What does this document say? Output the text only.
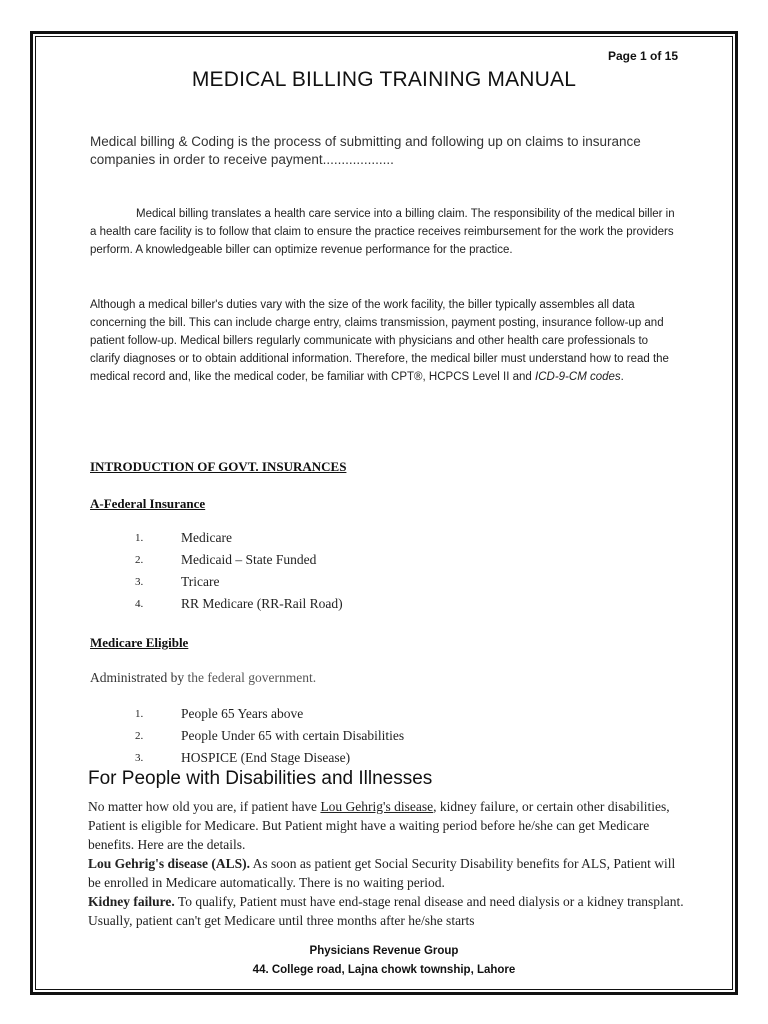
Page 1 of 15
MEDICAL BILLING TRAINING MANUAL
Medical billing & Coding is the process of submitting and following up on claims to insurance companies in order to receive payment...................
Medical billing translates a health care service into a billing claim. The responsibility of the medical biller in a health care facility is to follow that claim to ensure the practice receives reimbursement for the work the providers perform. A knowledgeable biller can optimize revenue performance for the practice.
Although a medical biller's duties vary with the size of the work facility, the biller typically assembles all data concerning the bill. This can include charge entry, claims transmission, payment posting, insurance follow-up and patient follow-up. Medical billers regularly communicate with physicians and other health care professionals to clarify diagnoses or to obtain additional information. Therefore, the medical biller must understand how to read the medical record and, like the medical coder, be familiar with CPT®, HCPCS Level II and ICD-9-CM codes.
INTRODUCTION OF GOVT. INSURANCES
A-Federal Insurance
1.	Medicare
2.	Medicaid – State Funded
3.	Tricare
4.	RR Medicare (RR-Rail Road)
Medicare Eligible
Administrated by the federal government.
1.	People 65 Years above
2.	People Under 65 with certain Disabilities
3.	HOSPICE (End Stage Disease)
For People with Disabilities and Illnesses
No matter how old you are, if patient have Lou Gehrig's disease, kidney failure, or certain other disabilities, Patient is eligible for Medicare. But Patient might have a waiting period before he/she can get Medicare benefits. Here are the details.
Lou Gehrig's disease (ALS). As soon as patient get Social Security Disability benefits for ALS, Patient will be enrolled in Medicare automatically. There is no waiting period.
Kidney failure. To qualify, Patient must have end-stage renal disease and need dialysis or a kidney transplant. Usually, patient can't get Medicare until three months after he/she starts
Physicians Revenue Group
44. College road, Lajna chowk township, Lahore
